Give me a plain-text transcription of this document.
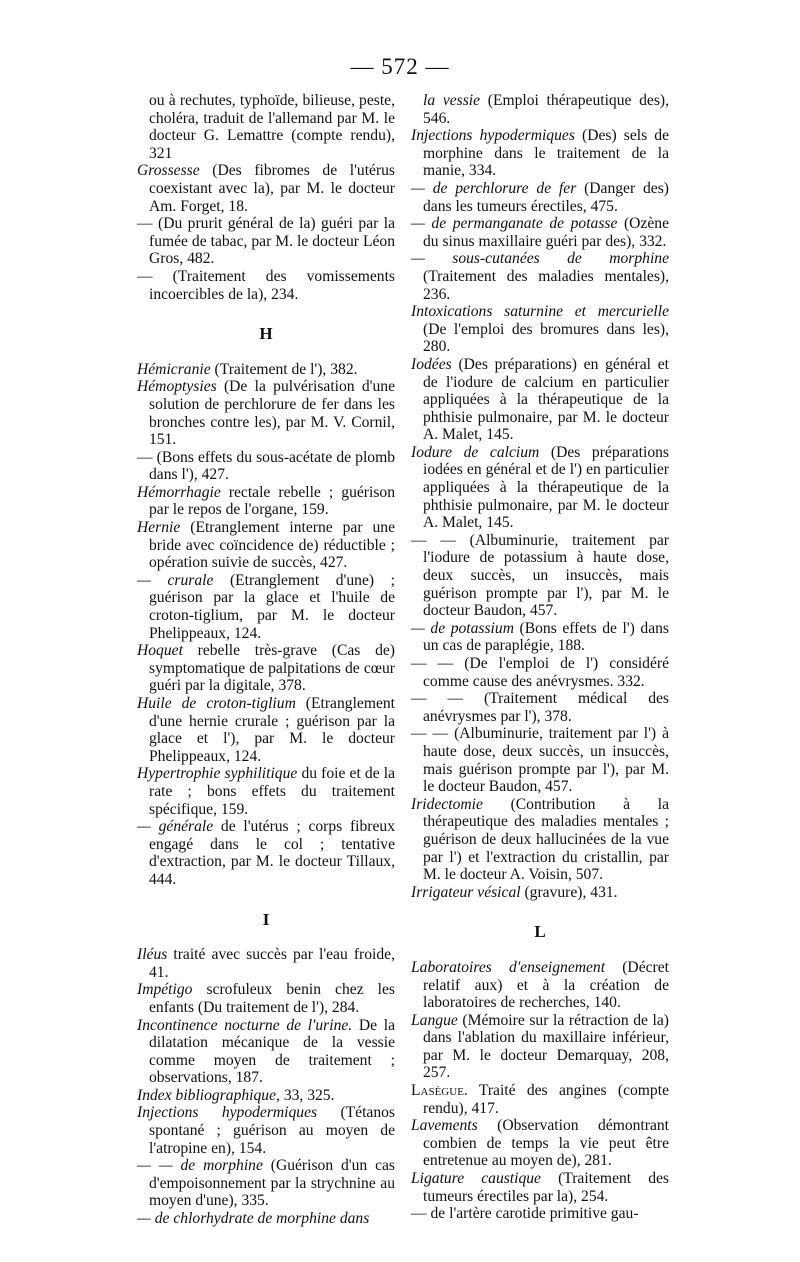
— 572 —

ou à rechutes, typhoïde, bilieuse, peste, choléra, traduit de l'allemand par M. le docteur G. Lemattre (compte rendu), 321

Grossesse (Des fibromes de l'utérus coexistant avec la), par M. le docteur Am. Forget, 18.

— (Du prurit général de la) guéri par la fumée de tabac, par M. le docteur Léon Gros, 482.

— (Traitement des vomissements incoercibles de la), 234.

H

Hémicranie (Traitement de l'), 382.

Hémoptysies (De la pulvérisation d'une solution de perchlorure de fer dans les bronches contre les), par M. V. Cornil, 151.

— (Bons effets du sous-acétate de plomb dans l'), 427.

Hémorrhagie rectale rebelle ; guérison par le repos de l'organe, 159.

Hernie (Etranglement interne par une bride avec coïncidence de) réductible ; opération suivie de succès, 427.

— crurale (Etranglement d'une) ; guérison par la glace et l'huile de croton-tiglium, par M. le docteur Phelippeaux, 124.

Hoquet rebelle très-grave (Cas de) symptomatique de palpitations de cœur guéri par la digitale, 378.

Huile de croton-tiglium (Etranglement d'une hernie crurale ; guérison par la glace et l'), par M. le docteur Phelippeaux, 124.

Hypertrophie syphilitique du foie et de la rate ; bons effets du traitement spécifique, 159.

— générale de l'utérus ; corps fibreux engagé dans le col ; tentative d'extraction, par M. le docteur Tillaux, 444.

I

Iléus traité avec succès par l'eau froide, 41.

Impétigo scrofuleux benin chez les enfants (Du traitement de l'), 284.

Incontinence nocturne de l'urine. De la dilatation mécanique de la vessie comme moyen de traitement ; observations, 187.

Index bibliographique, 33, 325.

Injections hypodermiques (Tétanos spontané ; guérison au moyen de l'atropine en), 154.

— — de morphine (Guérison d'un cas d'empoisonnement par la strychnine au moyen d'une), 335.

— de chlorhydrate de morphine dans

la vessie (Emploi thérapeutique des), 546.

Injections hypodermiques (Des) sels de morphine dans le traitement de la manie, 334.

— de perchlorure de fer (Danger des) dans les tumeurs érectiles, 475.

— de permanganate de potasse (Ozène du sinus maxillaire guéri par des), 332.

— sous-cutanées de morphine (Traitement des maladies mentales), 236.

Intoxications saturnine et mercurielle (De l'emploi des bromures dans les), 280.

Iodées (Des préparations) en général et de l'iodure de calcium en particulier appliquées à la thérapeutique de la phthisie pulmonaire, par M. le docteur A. Malet, 145.

Iodure de calcium (Des préparations iodées en général et de l') en particulier appliquées à la thérapeutique de la phthisie pulmonaire, par M. le docteur A. Malet, 145.

— — (Albuminurie, traitement par l'iodure de potassium à haute dose, deux succès, un insuccès, mais guérison prompte par l'), par M. le docteur Baudon, 457.

— de potassium (Bons effets de l') dans un cas de paraplégie, 188.

— — (De l'emploi de l') considéré comme cause des anévrysmes. 332.

— — (Traitement médical des anévrysmes par l'), 378.

— — (Albuminurie, traitement par l') à haute dose, deux succès, un insuccès, mais guérison prompte par l'), par M. le docteur Baudon, 457.

Iridectomie (Contribution à la thérapeutique des maladies mentales ; guérison de deux hallucinées de la vue par l') et l'extraction du cristallin, par M. le docteur A. Voisin, 507.

Irrigateur vésical (gravure), 431.

L

Laboratoires d'enseignement (Décret relatif aux) et à la création de laboratoires de recherches, 140.

Langue (Mémoire sur la rétraction de la) dans l'ablation du maxillaire inférieur, par M. le docteur Demarquay, 208, 257.

Lasègue. Traité des angines (compte rendu), 417.

Lavements (Observation démontrant combien de temps la vie peut être entretenue au moyen de), 281.

Ligature caustique (Traitement des tumeurs érectiles par la), 254.

— de l'artère carotide primitive gau-
